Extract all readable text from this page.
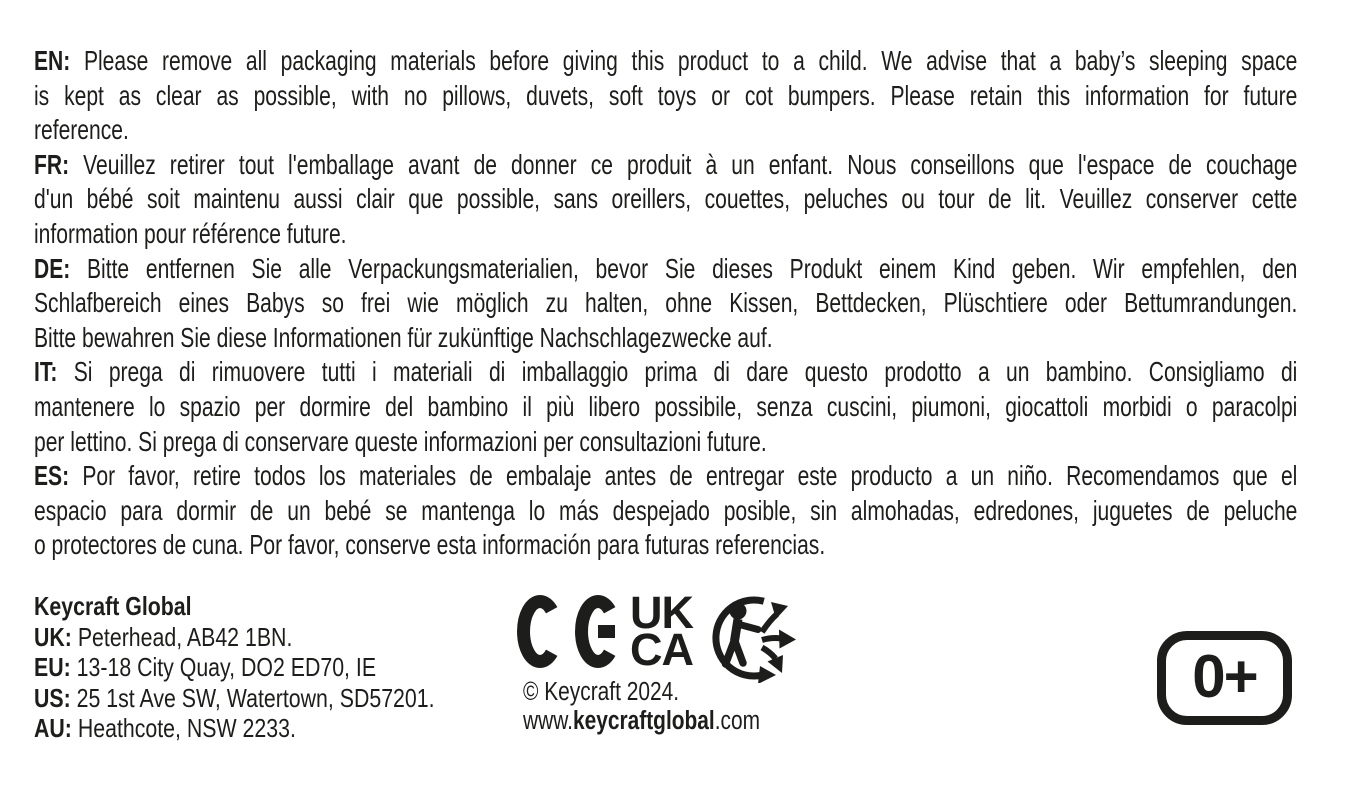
EN: Please remove all packaging materials before giving this product to a child. We advise that a baby’s sleeping space
is kept as clear as possible, with no pillows, duvets, soft toys or cot bumpers. Please retain this information for future
reference.
FR: Veuillez retirer tout l'emballage avant de donner ce produit à un enfant. Nous conseillons que l'espace de couchage
d'un bébé soit maintenu aussi clair que possible, sans oreillers, couettes, peluches ou tour de lit. Veuillez conserver cette
information pour référence future.
DE: Bitte entfernen Sie alle Verpackungsmaterialien, bevor Sie dieses Produkt einem Kind geben. Wir empfehlen, den
Schlafbereich eines Babys so frei wie möglich zu halten, ohne Kissen, Bettdecken, Plüschtiere oder Bettumrandungen.
Bitte bewahren Sie diese Informationen für zukünftige Nachschlagezwecke auf.
IT: Si prega di rimuovere tutti i materiali di imballaggio prima di dare questo prodotto a un bambino. Consigliamo di
mantenere lo spazio per dormire del bambino il più libero possibile, senza cuscini, piumoni, giocattoli morbidi o paracolpi
per lettino. Si prega di conservare queste informazioni per consultazioni future.
ES: Por favor, retire todos los materiales de embalaje antes de entregar este producto a un niño. Recomendamos que el
espacio para dormir de un bebé se mantenga lo más despejado posible, sin almohadas, edredones, juguetes de peluche
o protectores de cuna. Por favor, conserve esta información para futuras referencias.
Keycraft Global
UK: Peterhead, AB42 1BN.
EU: 13-18 City Quay, DO2 ED70, IE
US: 25 1st Ave SW, Watertown, SD57201.
AU: Heathcote, NSW 2233.
UK
CA
© Keycraft 2024.
www.keycraftglobal.com
0+
